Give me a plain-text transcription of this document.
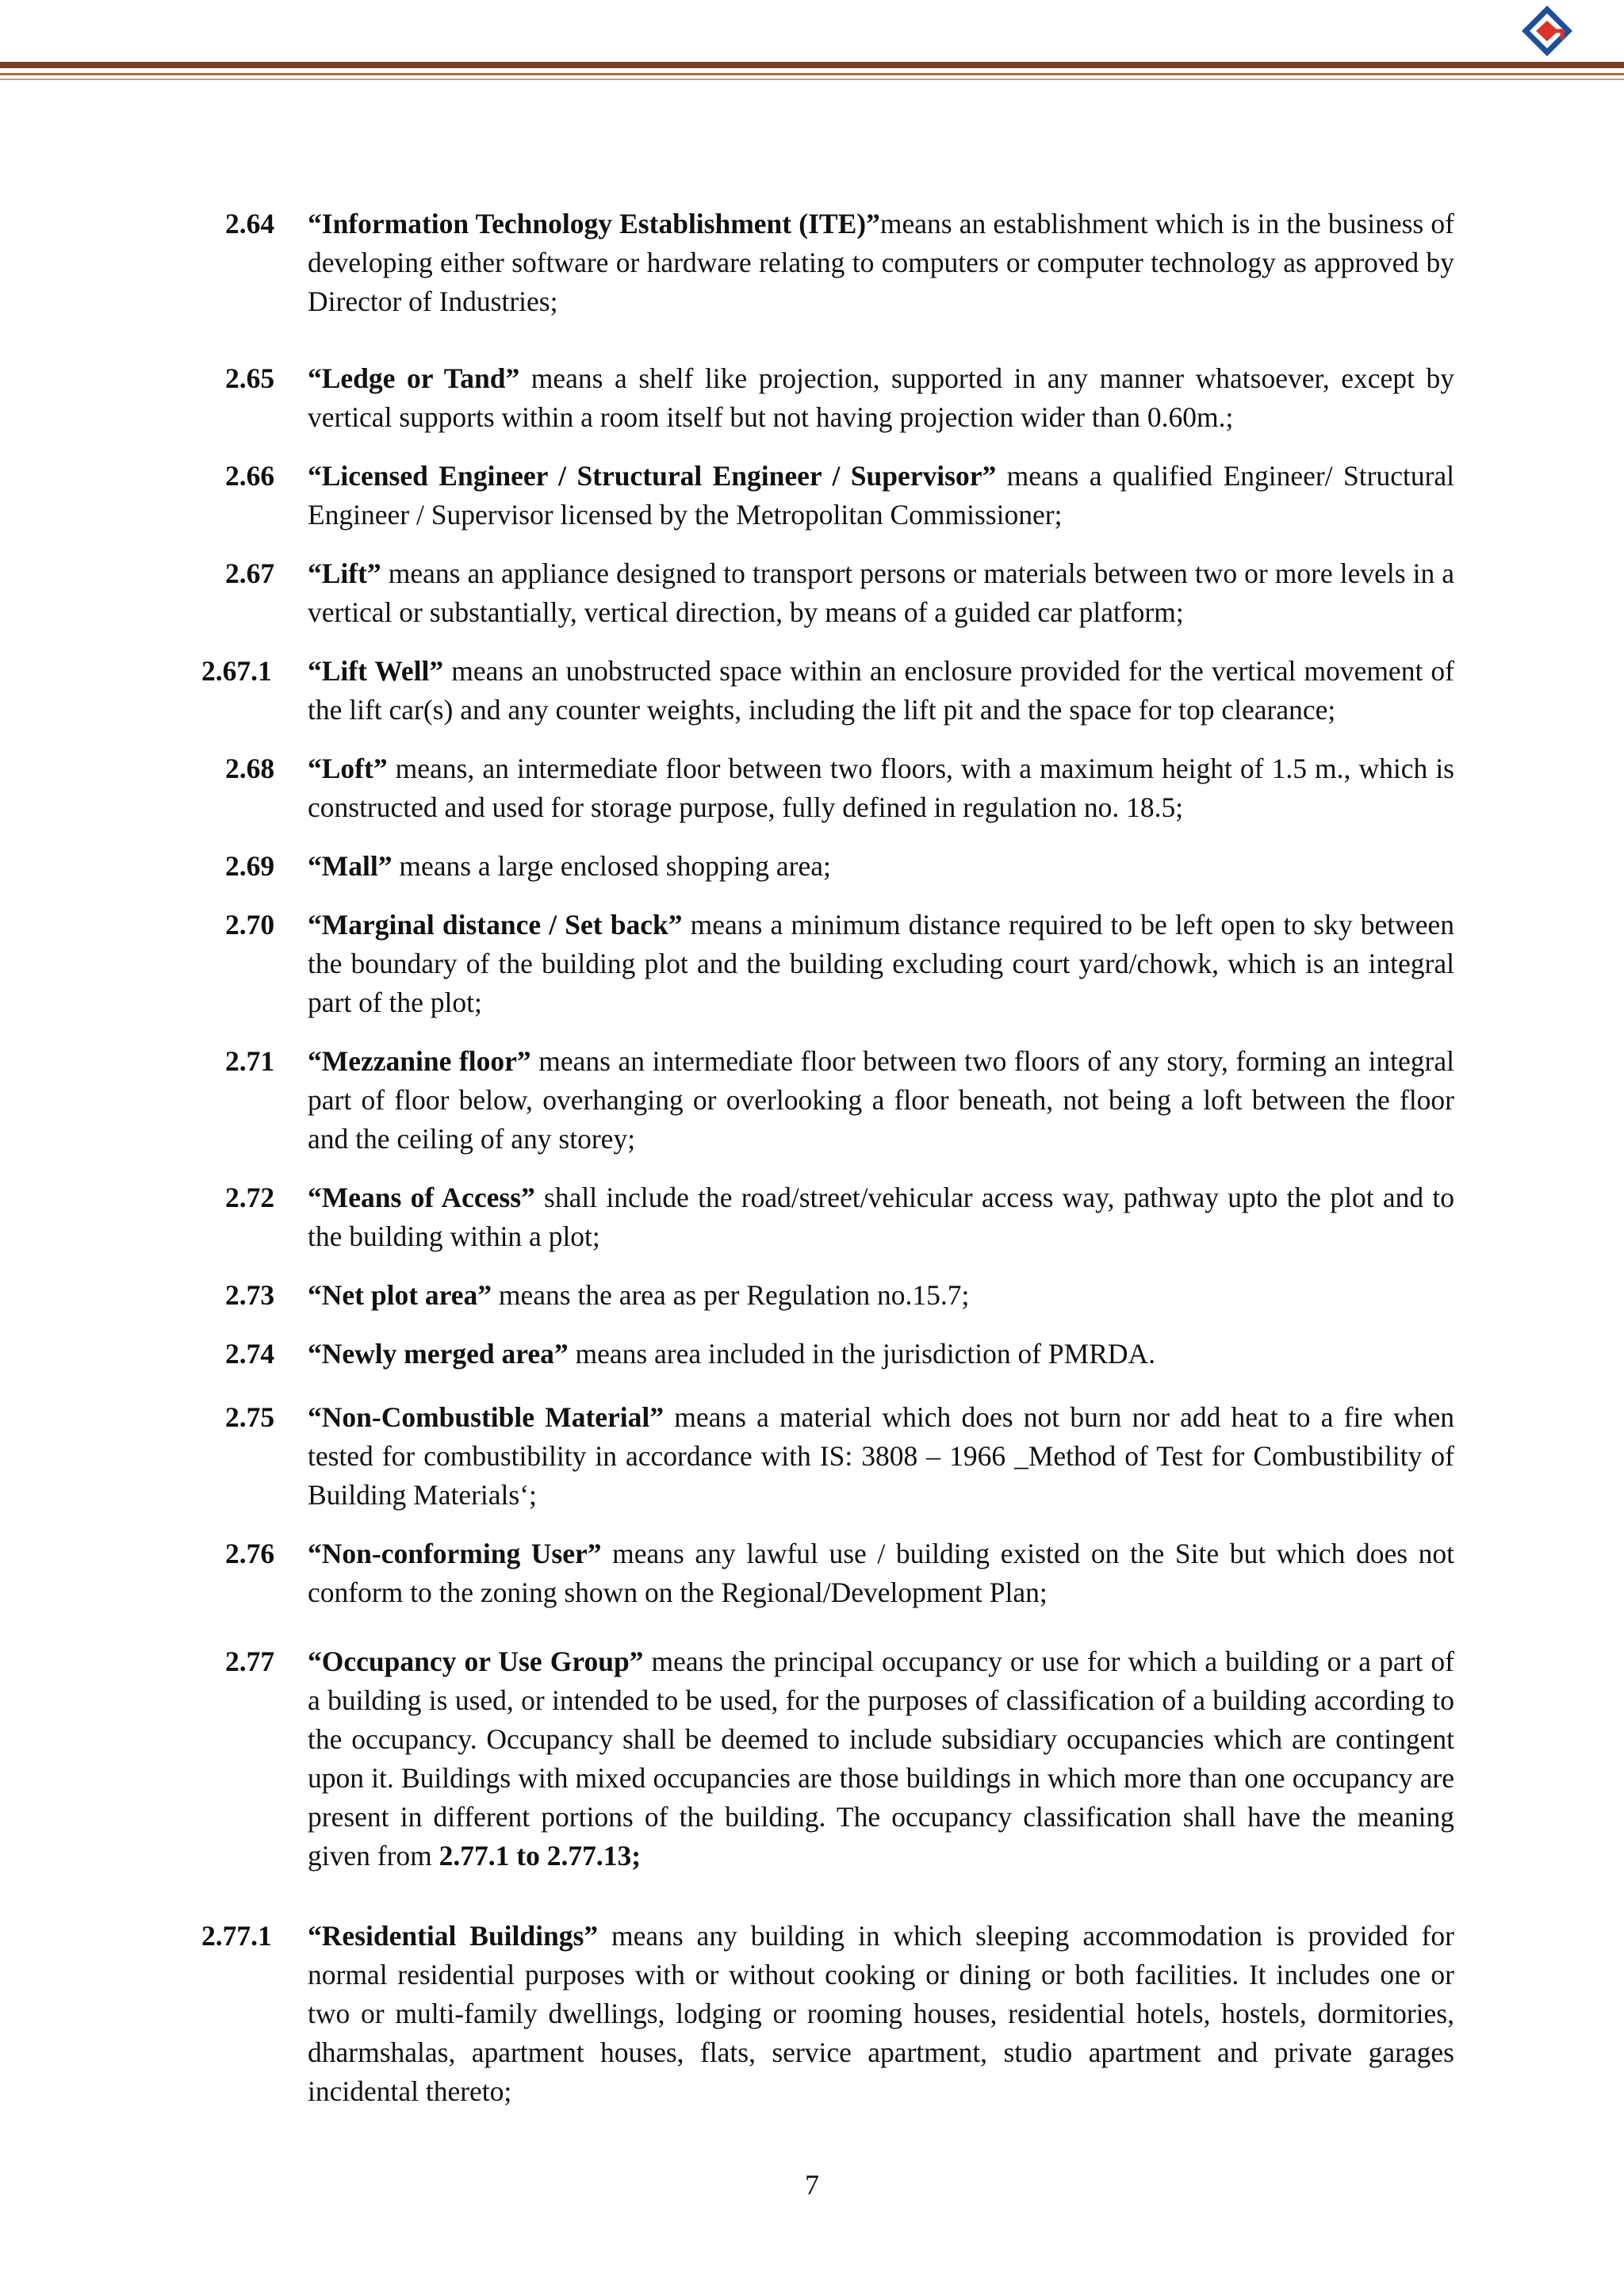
2.64 “Information Technology Establishment (ITE)”means an establishment which is in the business of developing either software or hardware relating to computers or computer technology as approved by Director of Industries;
2.65 “Ledge or Tand” means a shelf like projection, supported in any manner whatsoever, except by vertical supports within a room itself but not having projection wider than 0.60m.;
2.66 “Licensed Engineer / Structural Engineer / Supervisor” means a qualified Engineer/ Structural Engineer / Supervisor licensed by the Metropolitan Commissioner;
2.67 “Lift” means an appliance designed to transport persons or materials between two or more levels in a vertical or substantially, vertical direction, by means of a guided car platform;
2.67.1 “Lift Well” means an unobstructed space within an enclosure provided for the vertical movement of the lift car(s) and any counter weights, including the lift pit and the space for top clearance;
2.68 “Loft” means, an intermediate floor between two floors, with a maximum height of 1.5 m., which is constructed and used for storage purpose, fully defined in regulation no. 18.5;
2.69 “Mall” means a large enclosed shopping area;
2.70 “Marginal distance / Set back” means a minimum distance required to be left open to sky between the boundary of the building plot and the building excluding court yard/chowk, which is an integral part of the plot;
2.71 “Mezzanine floor” means an intermediate floor between two floors of any story, forming an integral part of floor below, overhanging or overlooking a floor beneath, not being a loft between the floor and the ceiling of any storey;
2.72 “Means of Access” shall include the road/street/vehicular access way, pathway upto the plot and to the building within a plot;
2.73 “Net plot area” means the area as per Regulation no.15.7;
2.74 “Newly merged area” means area included in the jurisdiction of PMRDA.
2.75 “Non-Combustible Material” means a material which does not burn nor add heat to a fire when tested for combustibility in accordance with IS: 3808 – 1966 _Method of Test for Combustibility of Building Materials‘;
2.76 “Non-conforming User” means any lawful use / building existed on the Site but which does not conform to the zoning shown on the Regional/Development Plan;
2.77 “Occupancy or Use Group” means the principal occupancy or use for which a building or a part of a building is used, or intended to be used, for the purposes of classification of a building according to the occupancy. Occupancy shall be deemed to include subsidiary occupancies which are contingent upon it. Buildings with mixed occupancies are those buildings in which more than one occupancy are present in different portions of the building. The occupancy classification shall have the meaning given from 2.77.1 to 2.77.13;
2.77.1 “Residential Buildings” means any building in which sleeping accommodation is provided for normal residential purposes with or without cooking or dining or both facilities. It includes one or two or multi-family dwellings, lodging or rooming houses, residential hotels, hostels, dormitories, dharmshalas, apartment houses, flats, service apartment, studio apartment and private garages incidental thereto;
7
